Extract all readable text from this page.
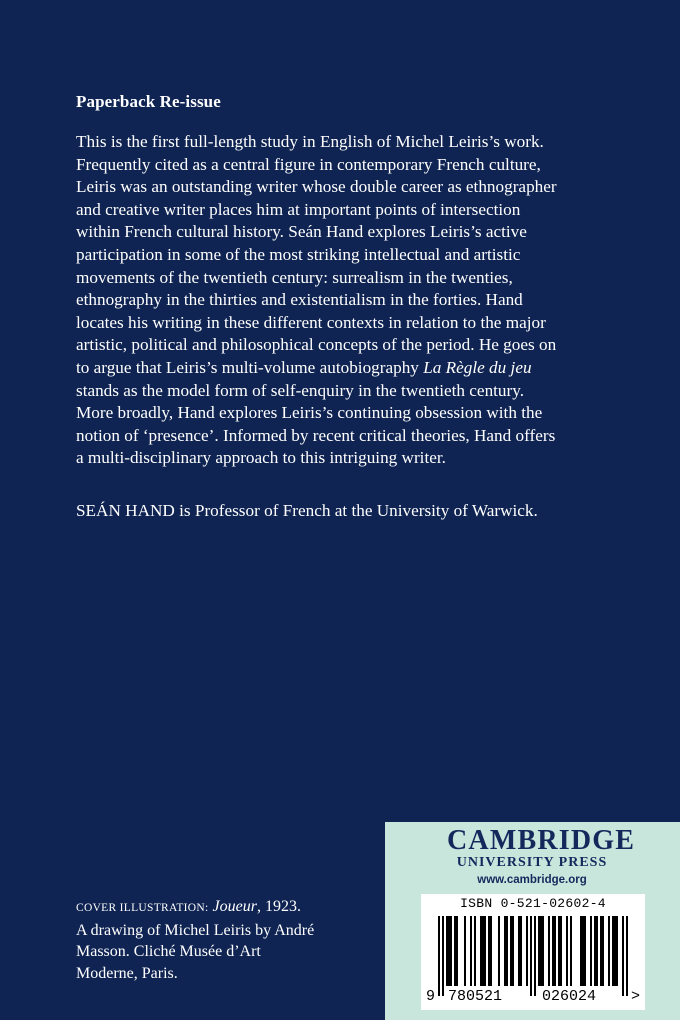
Paperback Re-issue
This is the first full-length study in English of Michel Leiris’s work.
Frequently cited as a central figure in contemporary French culture,
Leiris was an outstanding writer whose double career as ethnographer
and creative writer places him at important points of intersection
within French cultural history. Seán Hand explores Leiris’s active
participation in some of the most striking intellectual and artistic
movements of the twentieth century: surrealism in the twenties,
ethnography in the thirties and existentialism in the forties. Hand
locates his writing in these different contexts in relation to the major
artistic, political and philosophical concepts of the period. He goes on
to argue that Leiris’s multi-volume autobiography La Règle du jeu
stands as the model form of self-enquiry in the twentieth century.
More broadly, Hand explores Leiris’s continuing obsession with the
notion of ‘presence’. Informed by recent critical theories, Hand offers
a multi-disciplinary approach to this intriguing writer.
SEÁN HAND is Professor of French at the University of Warwick.
COVER ILLUSTRATION: Joueur, 1923.
A drawing of Michel Leiris by André
Masson. Cliché Musée d’Art
Moderne, Paris.
CAMBRIDGE
UNIVERSITY PRESS
www.cambridge.org
ISBN 0-521-02602-4
9 780521	026024 >
